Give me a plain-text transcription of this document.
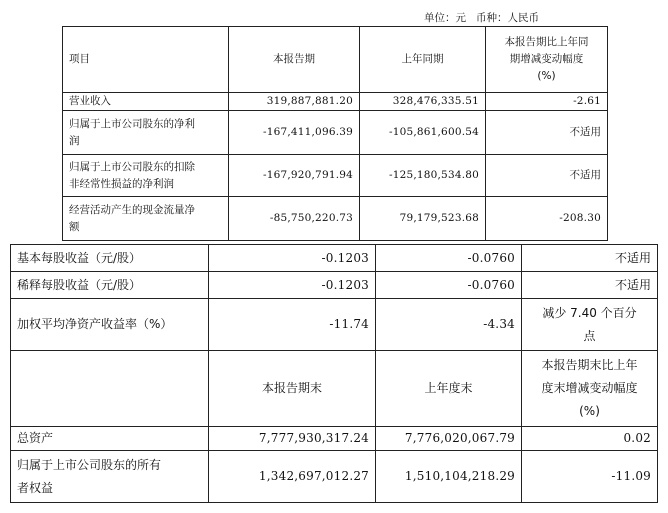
单位：元 币种：人民币
项目	本报告期	上年同期	本报告期比上年同
期增减变动幅度
(%)

营业收入	319,887,881.20	328,476,335.51	-2.61

归属于上市公司股东的净利
润	-167,411,096.39	-105,861,600.54	不适用

归属于上市公司股东的扣除
非经常性损益的净利润	-167,920,791.94	-125,180,534.80	不适用

经营活动产生的现金流量净
额	-85,750,220.73	79,179,523.68	-208.30
基本每股收益（元/股）	-0.1203	-0.0760	不适用
稀释每股收益（元/股）	-0.1203	-0.0760	不适用
加权平均净资产收益率（%）	-11.74	-4.34	减少 7.40 个百分
点

	本报告期末	上年度末	本报告期末比上年
度末增减变动幅度
(%)

总资产	7,777,930,317.24	7,776,020,067.79	0.02

归属于上市公司股东的所有
者权益	1,342,697,012.27	1,510,104,218.29	-11.09
